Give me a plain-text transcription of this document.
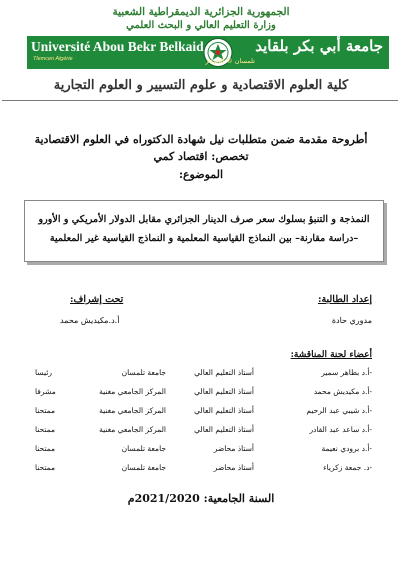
الجمهورية الجزائرية الديمقراطية الشعبية
وزارة التعليم العالي و البحث العلمي
Université Abou Bekr Belkaid
Tlemcen Algérie
جامعة أبي بكر بلقايد
تلمسان ® الجزائر
كلية العلوم الاقتصادية و علوم التسيير و العلوم التجارية
أطروحة مقدمة ضمن متطلبات نيل شهادة الدكتوراه في العلوم الاقتصادية
تخصص: اقتصاد كمي
الموضوع:
النمذجة و التنبؤ بسلوك سعر صرف الدينار الجزائري مقابل الدولار الأمريكي و الأورو
–دراسة مقارنة– بين النماذج القياسية المعلمية و النماذج القياسية غير المعلمية
إعداد الطالبة:
مدوري حادة
تحت إشراف:
أ.د.مكيديش محمد
أعضاء لجنة المناقشة:
-أ.د بطاهر سمير
أستاذ التعليم العالي
جامعة تلمسان
رئيسا
-أ.د مكيديش محمد
أستاذ التعليم العالي
المركز الجامعي مغنية
مشرفا
-أ.د شيبي عبد الرحيم
أستاذ التعليم العالي
المركز الجامعي مغنية
ممتحنا
-أ.د ساعد عبد القادر
أستاذ التعليم العالي
المركز الجامعي مغنية
ممتحنا
-أ.د برودي نعيمة
أستاذ محاضر
جامعة تلمسان
ممتحنا
-د. جمعة زكرياء
أستاذ محاضر
جامعة تلمسان
ممتحنا
السنة الجامعية: 2021/2020م
